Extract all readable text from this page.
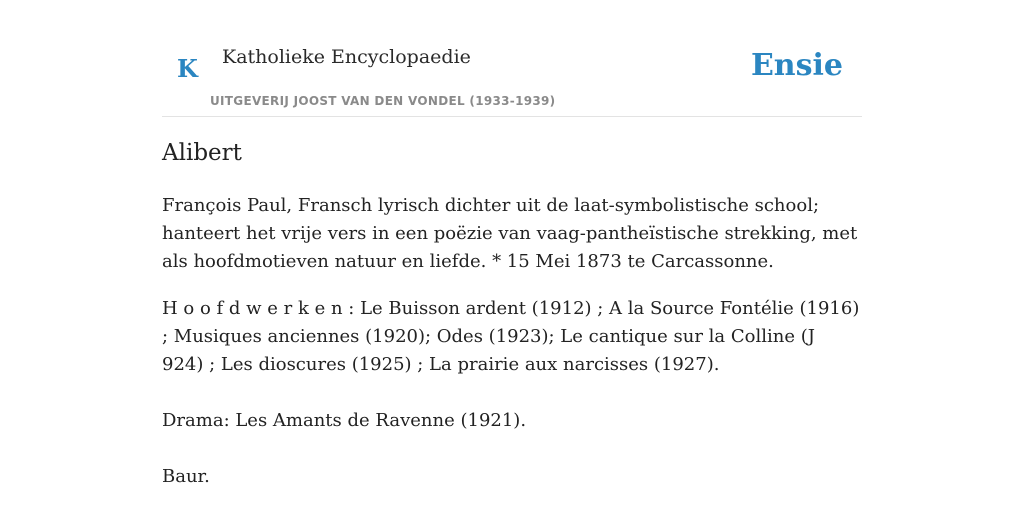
K Katholieke Encyclopaedie
UITGEVERIJ JOOST VAN DEN VONDEL (1933-1939)
Ensie
Alibert

François Paul, Fransch lyrisch dichter uit de laat-symbolistische school; hanteert het vrije vers in een poëzie van vaag-pantheïstische strekking, met als hoofdmotieven natuur en liefde. * 15 Mei 1873 te Carcassonne.

H o o f d w e r k e n : Le Buisson ardent (1912) ; A la Source Fontélie (1916) ; Musiques anciennes (1920); Odes (1923); Le cantique sur la Colline (J 924) ; Les dioscures (1925) ; La prairie aux narcisses (1927).

Drama: Les Amants de Ravenne (1921).

Baur.
